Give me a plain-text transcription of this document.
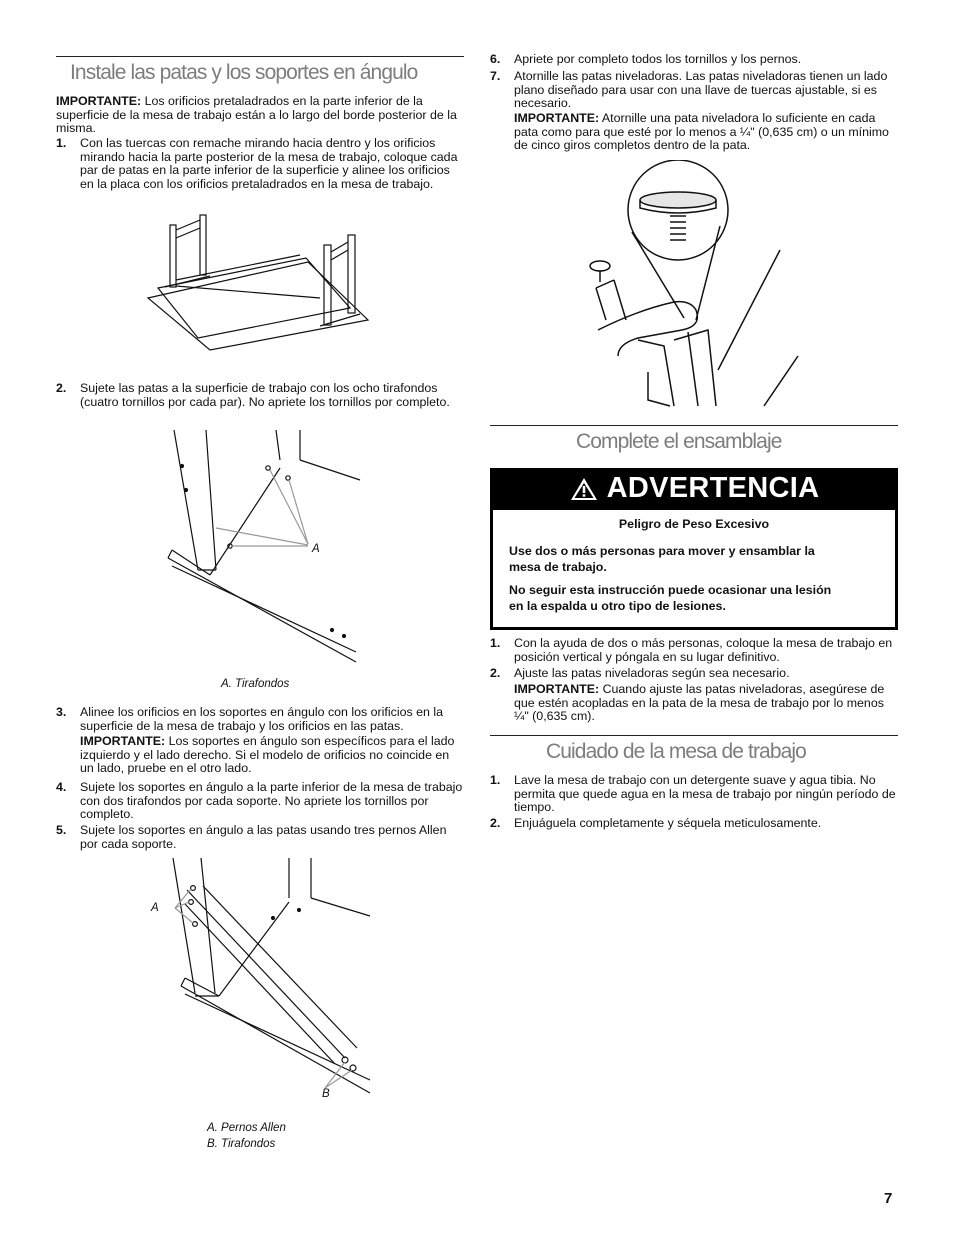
Instale las patas y los soportes en ángulo
IMPORTANTE: Los orificios pretaladrados en la parte inferior de la superficie de la mesa de trabajo están a lo largo del borde posterior de la misma.
1. Con las tuercas con remache mirando hacia dentro y los orificios mirando hacia la parte posterior de la mesa de trabajo, coloque cada par de patas en la parte inferior de la superficie y alinee los orificios en la placa con los orificios pretaladrados en la mesa de trabajo.
2. Sujete las patas a la superficie de trabajo con los ocho tirafondos (cuatro tornillos por cada par). No apriete los tornillos por completo.
A
A. Tirafondos
3. Alinee los orificios en los soportes en ángulo con los orificios en la superficie de la mesa de trabajo y los orificios en las patas.
IMPORTANTE: Los soportes en ángulo son específicos para el lado izquierdo y el lado derecho. Si el modelo de orificios no coincide en un lado, pruebe en el otro lado.
4. Sujete los soportes en ángulo a la parte inferior de la mesa de trabajo con dos tirafondos por cada soporte. No apriete los tornillos por completo.
5. Sujete los soportes en ángulo a las patas usando tres pernos Allen por cada soporte.
A
B
A. Pernos Allen
B. Tirafondos
6. Apriete por completo todos los tornillos y los pernos.
7. Atornille las patas niveladoras. Las patas niveladoras tienen un lado plano diseñado para usar con una llave de tuercas ajustable, si es necesario.
IMPORTANTE: Atornille una pata niveladora lo suficiente en cada pata como para que esté por lo menos a ¼" (0,635 cm) o un mínimo de cinco giros completos dentro de la pata.
Complete el ensamblaje
ADVERTENCIA
Peligro de Peso Excesivo
Use dos o más personas para mover y ensamblar la mesa de trabajo.
No seguir esta instrucción puede ocasionar una lesión en la espalda u otro tipo de lesiones.
1. Con la ayuda de dos o más personas, coloque la mesa de trabajo en posición vertical y póngala en su lugar definitivo.
2. Ajuste las patas niveladoras según sea necesario.
IMPORTANTE: Cuando ajuste las patas niveladoras, asegúrese de que estén acopladas en la pata de la mesa de trabajo por lo menos ¼" (0,635 cm).
Cuidado de la mesa de trabajo
1. Lave la mesa de trabajo con un detergente suave y agua tibia. No permita que quede agua en la mesa de trabajo por ningún período de tiempo.
2. Enjuáguela completamente y séquela meticulosamente.
7
